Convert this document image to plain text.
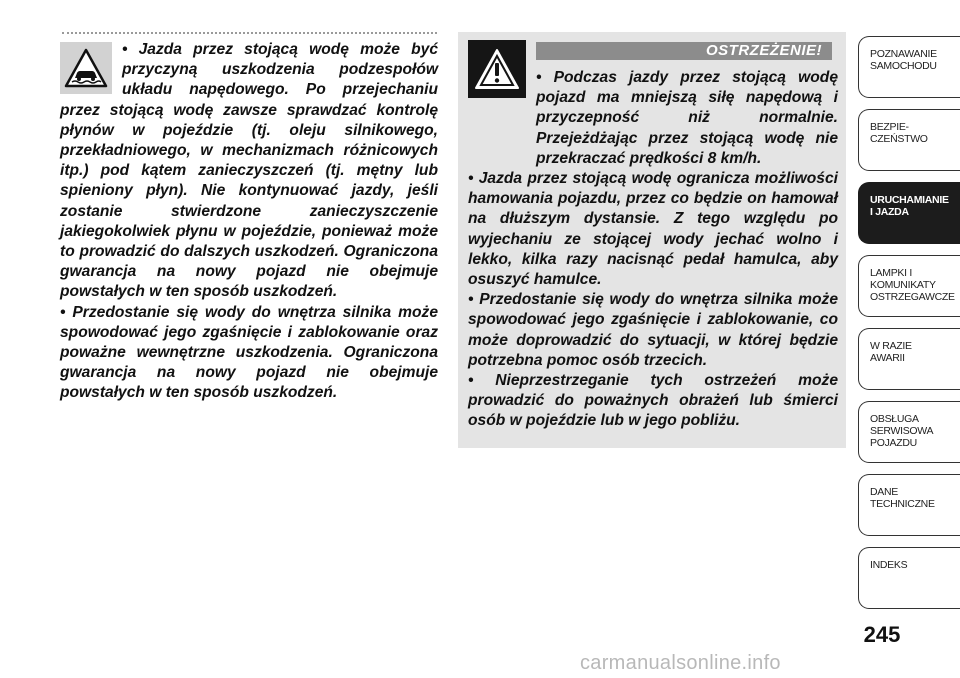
• Jazda przez stojącą wodę może być przyczyną uszkodzenia podzespołów układu napędowego. Po przejechaniu przez stojącą wodę zawsze sprawdzać kontrolę płynów w pojeździe (tj. oleju silnikowego, przekładniowego, w mechanizmach różnicowych itp.) pod kątem zanieczyszczeń (tj. mętny lub spieniony płyn). Nie kontynuować jazdy, jeśli zostanie stwierdzone zanieczyszczenie jakiegokolwiek płynu w pojeździe, ponieważ może to prowadzić do dalszych uszkodzeń. Ograniczona gwarancja na nowy pojazd nie obejmuje powstałych w ten sposób uszkodzeń.

• Przedostanie się wody do wnętrza silnika może spowodować jego zgaśnięcie i zablokowanie oraz poważne wewnętrzne uszkodzenia. Ograniczona gwarancja na nowy pojazd nie obejmuje powstałych w ten sposób uszkodzeń.

OSTRZEŻENIE!

• Podczas jazdy przez stojącą wodę pojazd ma mniejszą siłę napędową i przyczepność niż normalnie. Przejeżdżając przez stojącą wodę nie przekraczać prędkości 8 km/h.

• Jazda przez stojącą wodę ogranicza możliwości hamowania pojazdu, przez co będzie on hamował na dłuższym dystansie. Z tego względu po wyjechaniu ze stojącej wody jechać wolno i lekko, kilka razy nacisnąć pedał hamulca, aby osuszyć hamulce.

• Przedostanie się wody do wnętrza silnika może spowodować jego zgaśnięcie i zablokowanie, co może doprowadzić do sytuacji, w której będzie potrzebna pomoc osób trzecich.

• Nieprzestrzeganie tych ostrzeżeń może prowadzić do poważnych obrażeń lub śmierci osób w pojeździe lub w jego pobliżu.

POZNAWANIE
SAMOCHODU
BEZPIE-
CZEŃSTWO
URUCHAMIANIE
I JAZDA
LAMPKI I
KOMUNIKATY
OSTRZEGAWCZE
W RAZIE
AWARII
OBSŁUGA
SERWISOWA
POJAZDU
DANE
TECHNICZNE
INDEKS
245
carmanualsonline.info
